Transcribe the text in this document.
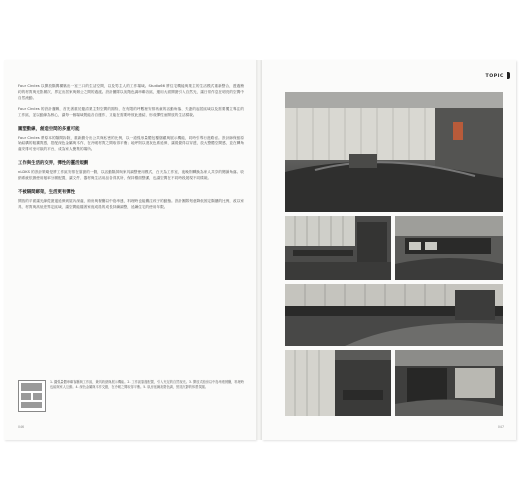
Four Circles 以開放隔間構築出一室三口的生活空間，以及男主人的工作場域。Studio66 將住宅機能與業主的生活模式重新整合，透過簡約的材質與光影層次，界定出居家與辦公之間的過渡。設計團隊以灰階色調串聯各區，運用大面開窗引入自然光，讓日常作息在明亮的空間中自然流動。

Four Circles 的設計邏輯，首先著重於釐清業主對空間的期待，在有限的坪數裡安排孩童的活動角落、夫妻的起居區域以及需要獨立專注的工作區，並以動線為核心，讓每一個場域既能各自運作，又能在需要時彼此連結，形成彈性而開放的生活樣貌。

圍塑動線，創造空間的多重可能

Four Circles 將原本的隔間拆除，重新劃分出公共與私密的比例，以一道弧形量體包覆儲藏與展示機能，同時引導行進路徑。設計師保留原始結構的粗獷質感，搭配深色金屬與木作，在冷暖材質之間取得平衡；地坪則以淺灰色系延伸，讓視覺得以穿透，放大整體空間感，並在轉角處安排可坐可臥的平台，成為家人聚集的場所。

工作與生活的交界，彈性的靈活規劃

nLDKS 的設計策略是將工作區安排在靠窗的一側，以活動隔屏與家具調整使用模式，白天為工作室，夜晚則轉換為家人共享的閱讀角落。收納系統依據使用頻率分層配置，讓文件、器材與生活用品各得其所，保持檯面整潔，也讓空間在不同時段展現不同樣貌。

不被隔間綁架，生活更有彈性

開放的平面讓光線從窗邊延伸到屋內深處，廚房與餐廳以中島串連，料理時也能關注孩子的動態。設計團隊刻意降低固定隔牆的比例，改以家具、材質與高低差界定區域，讓空間能隨著家庭成員的成長持續調整，延續住宅的使用年限。

1. 圓弧量體串聯客廳與工作區，兼具收納與展示機能。2. 工作區靠窗配置，引入充足的自然採光。3. 開放式廚房以中島串連餐廳，料理時也能與家人互動。4. 深色金屬與木作交錯，在冷暖之間取得平衡。5. 臥房延續灰階色調，營造沉靜的休憩氛圍。
046
TOPIC
047
